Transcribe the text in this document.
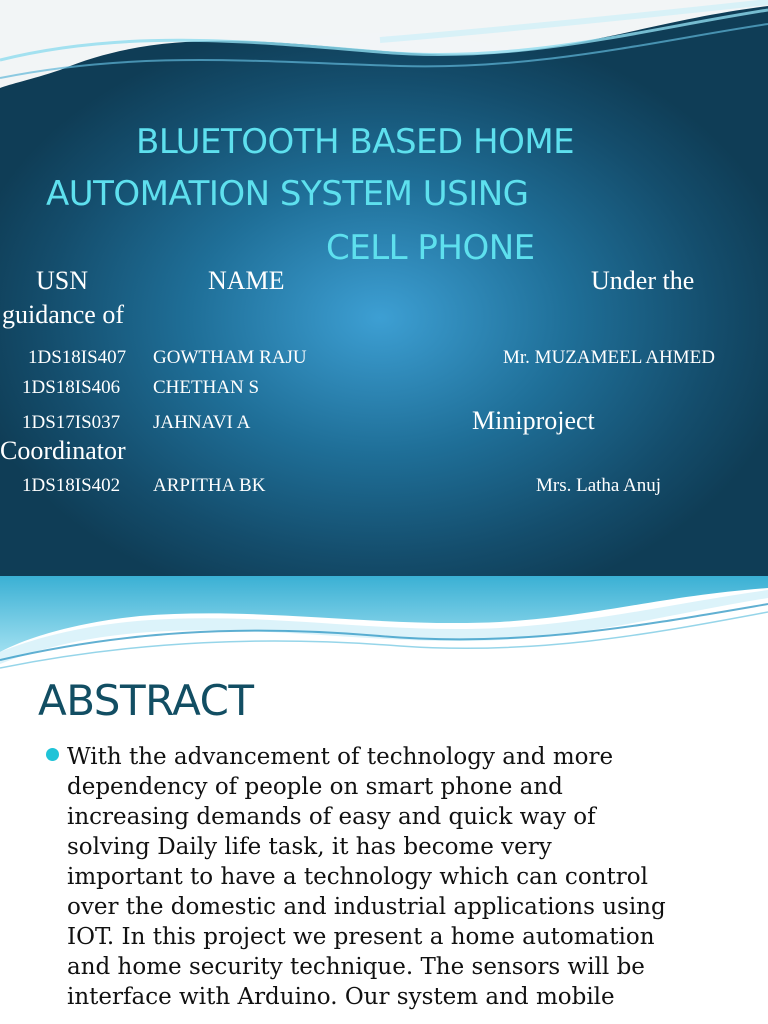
BLUETOOTH BASED HOME
AUTOMATION SYSTEM USING
CELL PHONE
USN	NAME	Under the
guidance of
1DS18IS407 GOWTHAM RAJU	Mr. MUZAMEEL AHMED
1DS18IS406 CHETHAN S
1DS17IS037 JAHNAVI A	Miniproject
Coordinator
1DS18IS402 ARPITHA BK	Mrs. Latha Anuj
ABSTRACT

With the advancement of technology and more
dependency of people on smart phone and
increasing demands of easy and quick way of
solving Daily life task, it has become very
important to have a technology which can control
over the domestic and industrial applications using
IOT. In this project we present a home automation
and home security technique. The sensors will be
interface with Arduino. Our system and mobile
